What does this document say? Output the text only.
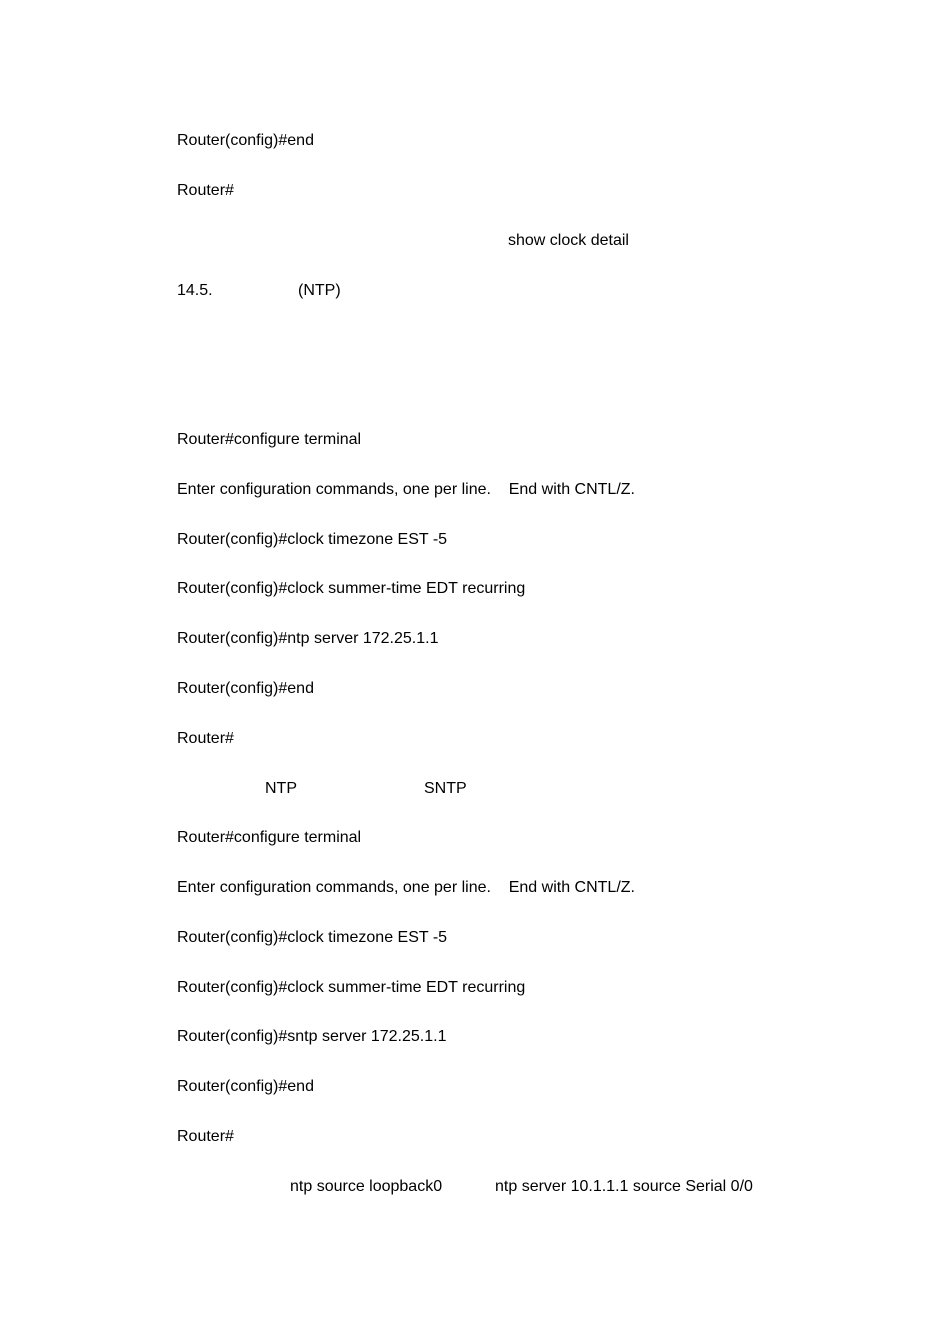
Router(config)#end
Router#
show clock detail
14.5.	(NTP)
Router#configure terminal
Enter configuration commands, one per line.    End with CNTL/Z.
Router(config)#clock timezone EST -5
Router(config)#clock summer-time EDT recurring
Router(config)#ntp server 172.25.1.1
Router(config)#end
Router#
NTP	SNTP
Router#configure terminal
Enter configuration commands, one per line.    End with CNTL/Z.
Router(config)#clock timezone EST -5
Router(config)#clock summer-time EDT recurring
Router(config)#sntp server 172.25.1.1
Router(config)#end
Router#
ntp source loopback0	ntp server 10.1.1.1 source Serial 0/0
